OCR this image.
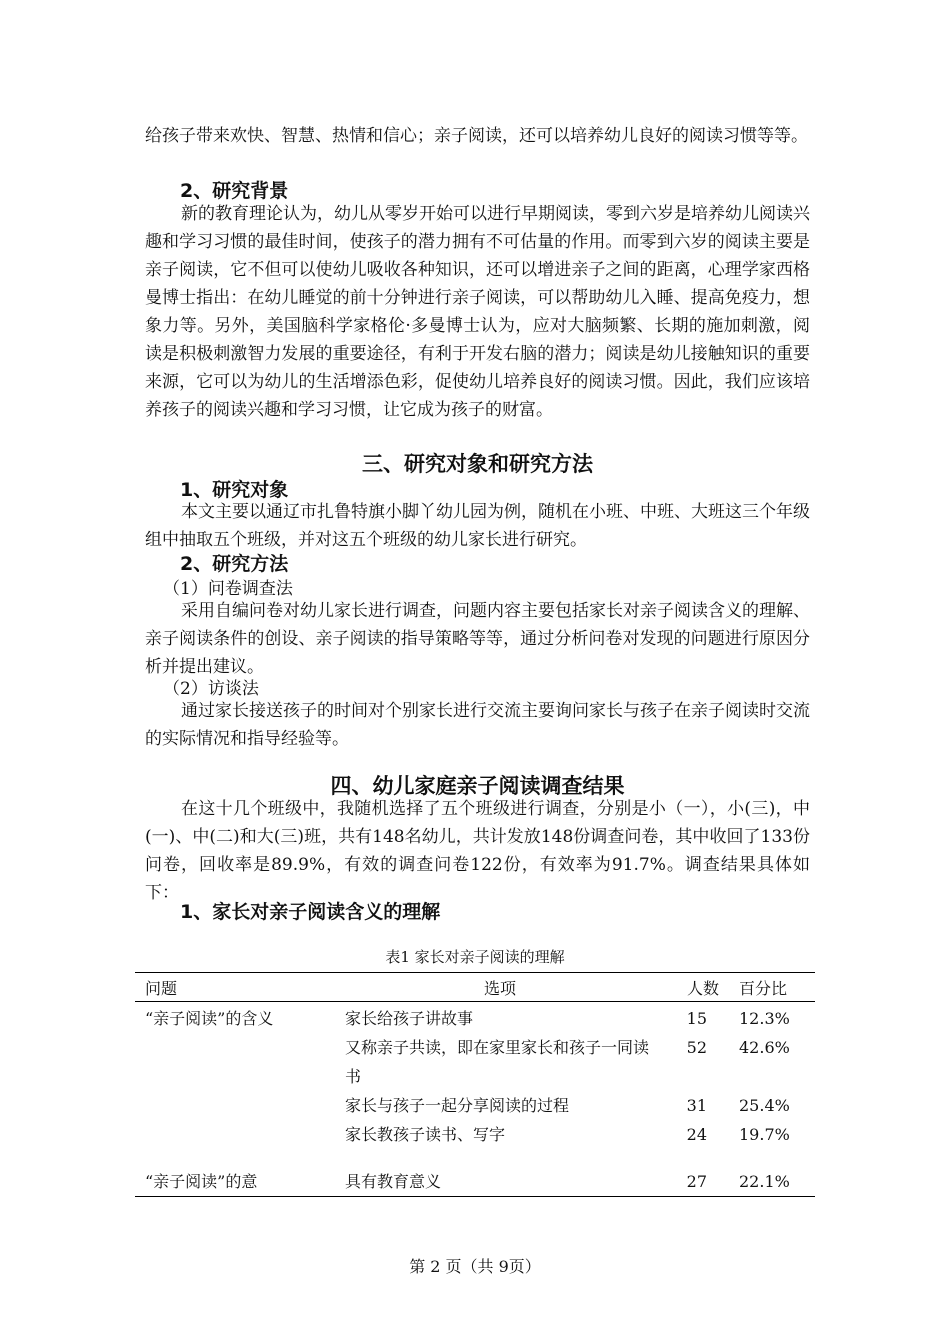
给孩子带来欢快、智慧、热情和信心；亲子阅读，还可以培养幼儿良好的阅读习惯等等。

2、研究背景

新的教育理论认为，幼儿从零岁开始可以进行早期阅读，零到六岁是培养幼儿阅读兴趣和学习习惯的最佳时间，使孩子的潜力拥有不可估量的作用。而零到六岁的阅读主要是亲子阅读，它不但可以使幼儿吸收各种知识，还可以增进亲子之间的距离，心理学家西格曼博士指出：在幼儿睡觉的前十分钟进行亲子阅读，可以帮助幼儿入睡、提高免疫力，想象力等。另外，美国脑科学家格伦·多曼博士认为，应对大脑频繁、长期的施加刺激，阅读是积极刺激智力发展的重要途径，有利于开发右脑的潜力；阅读是幼儿接触知识的重要来源，它可以为幼儿的生活增添色彩，促使幼儿培养良好的阅读习惯。因此，我们应该培养孩子的阅读兴趣和学习习惯，让它成为孩子的财富。

三、研究对象和研究方法

1、研究对象

本文主要以通辽市扎鲁特旗小脚丫幼儿园为例，随机在小班、中班、大班这三个年级组中抽取五个班级，并对这五个班级的幼儿家长进行研究。

2、研究方法

（1）问卷调查法

采用自编问卷对幼儿家长进行调查，问题内容主要包括家长对亲子阅读含义的理解、亲子阅读条件的创设、亲子阅读的指导策略等等，通过分析问卷对发现的问题进行原因分析并提出建议。

（2）访谈法

通过家长接送孩子的时间对个别家长进行交流主要询问家长与孩子在亲子阅读时交流的实际情况和指导经验等。

四、幼儿家庭亲子阅读调查结果

在这十几个班级中，我随机选择了五个班级进行调查，分别是小（一），小(三)，中(一)、中(二)和大(三)班，共有148名幼儿，共计发放148份调查问卷，其中收回了133份问卷，回收率是89.9%，有效的调查问卷122份，有效率为91.7%。调查结果具体如下：

1、家长对亲子阅读含义的理解

表1 家长对亲子阅读的理解
问题	选项	人数	百分比
“亲子阅读”的含义	家长给孩子讲故事	15	12.3%
	又称亲子共读，即在家里家长和孩子一同读书	52	42.6%
	家长与孩子一起分享阅读的过程	31	25.4%
	家长教孩子读书、写字	24	19.7%
“亲子阅读”的意	具有教育意义	27	22.1%
第 2 页（共 9页）
